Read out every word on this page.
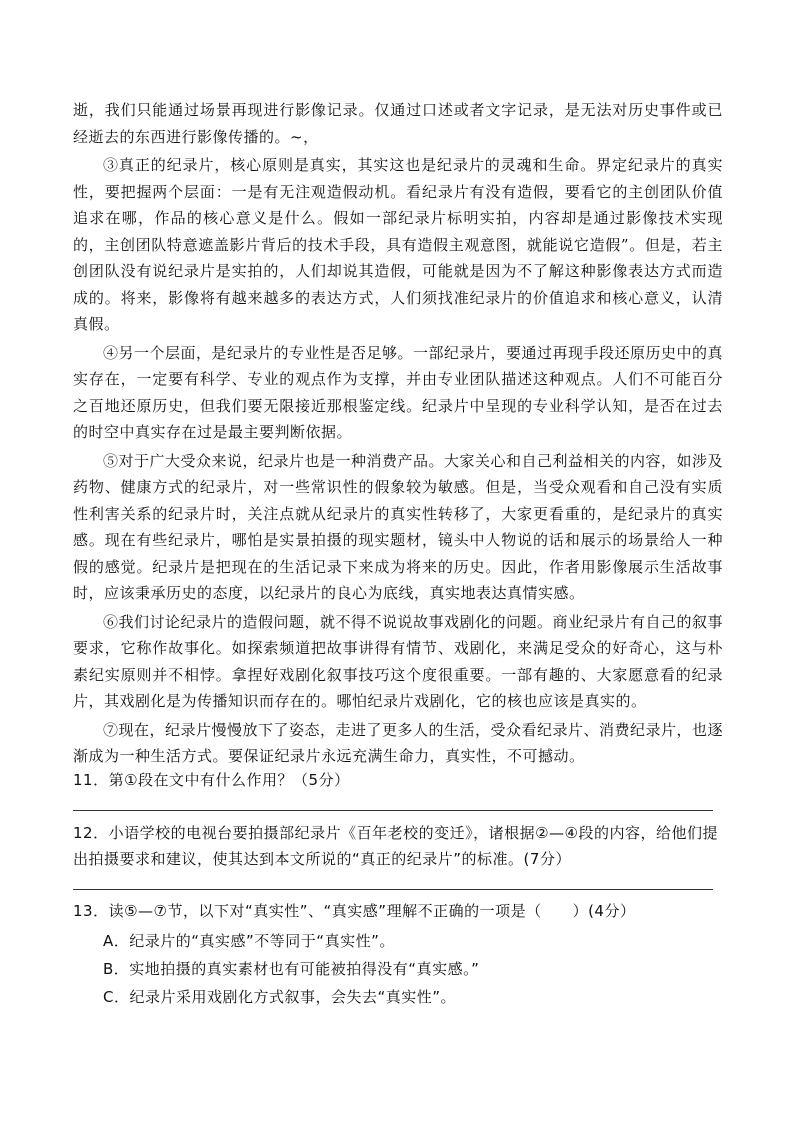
逝，我们只能通过场景再现进行影像记录。仅通过口述或者文字记录，是无法对历史事件或已经逝去的东西进行影像传播的。~，

③真正的纪录片，核心原则是真实，其实这也是纪录片的灵魂和生命。界定纪录片的真实性，要把握两个层面：一是有无注观造假动机。看纪录片有没有造假，要看它的主创团队价值追求在哪，作品的核心意义是什么。假如一部纪录片标明实拍，内容却是通过影像技术实现的，主创团队特意遮盖影片背后的技术手段，具有造假主观意图，就能说它造假”。但是，若主创团队没有说纪录片是实拍的，人们却说其造假，可能就是因为不了解这种影像表达方式而造成的。将来，影像将有越来越多的表达方式，人们须找准纪录片的价值追求和核心意义，认清真假。

④另一个层面，是纪录片的专业性是否足够。一部纪录片，要通过再现手段还原历史中的真实存在，一定要有科学、专业的观点作为支撑，并由专业团队描述这种观点。人们不可能百分之百地还原历史，但我们要无限接近那根鉴定线。纪录片中呈现的专业科学认知，是否在过去的时空中真实存在过是最主要判断依据。

⑤对于广大受众来说，纪录片也是一种消费产品。大家关心和自己利益相关的内容，如涉及药物、健康方式的纪录片，对一些常识性的假象较为敏感。但是，当受众观看和自己没有实质性利害关系的纪录片时，关注点就从纪录片的真实性转移了，大家更看重的，是纪录片的真实感。现在有些纪录片，哪怕是实景拍摄的现实题材，镜头中人物说的话和展示的场景给人一种假的感觉。纪录片是把现在的生活记录下来成为将来的历史。因此，作者用影像展示生活故事时，应该秉承历史的态度，以纪录片的良心为底线，真实地表达真情实感。

⑥我们讨论纪录片的造假问题，就不得不说说故事戏剧化的问题。商业纪录片有自己的叙事要求，它称作故事化。如探索频道把故事讲得有情节、戏剧化，来满足受众的好奇心，这与朴素纪实原则并不相悖。拿捏好戏剧化叙事技巧这个度很重要。一部有趣的、大家愿意看的纪录片，其戏剧化是为传播知识而存在的。哪怕纪录片戏剧化，它的核也应该是真实的。

⑦现在，纪录片慢慢放下了姿态，走进了更多人的生活，受众看纪录片、消费纪录片，也逐渐成为一种生活方式。要保证纪录片永远充满生命力，真实性，不可撼动。

11．第①段在文中有什么作用？（5分）

12．小语学校的电视台要拍摄部纪录片《百年老校的变迁》，诸根据②—④段的内容，给他们提出拍摄要求和建议，使其达到本文所说的“真正的纪录片”的标准。(7分）

13．读⑤—⑦节，以下对“真实性”、“真实感”理解不正确的一项是（　　）(4分）

A．纪录片的“真实感”不等同于“真实性”。

B．实地拍摄的真实素材也有可能被拍得没有“真实感。”

C．纪录片采用戏剧化方式叙事，会失去“真实性”。
